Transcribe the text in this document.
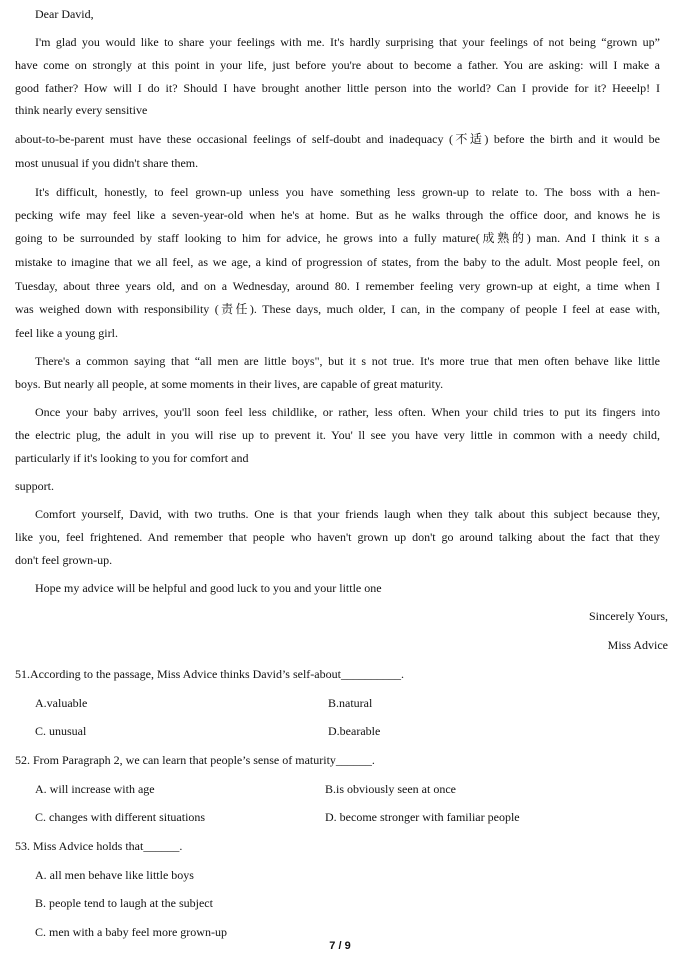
Dear David,
I'm glad you would like to share your feelings with me. It's hardly surprising that your feelings of not being “grown up”
have come on strongly at this point in your life, just before you're about to become a father. You are asking: will I make a
good father? How will I do it? Should I have brought another little person into the world? Can I provide for it? Heeelp! I
think nearly every sensitive
about-to-be-parent must have these occasional feelings of self-doubt and inadequacy (不适) before the birth and it would be
most unusual if you didn't share them.
It's difficult, honestly, to feel grown-up unless you have something less grown-up to relate to. The boss with a hen-
pecking wife may feel like a seven-year-old when he's at home. But as he walks through the office door, and knows he is
going to be surrounded by staff looking to him for advice, he grows into a fully mature(成熟的) man. And I think it s a
mistake to imagine that we all feel, as we age, a kind of progression of states, from the baby to the adult. Most people feel, on
Tuesday, about three years old, and on a Wednesday, around 80. I remember feeling very grown-up at eight, a time when I
was weighed down with responsibility (责任). These days, much older, I can, in the company of people I feel at ease with,
feel like a young girl.
There's a common saying that “all men are little boys", but it s not true. It's more true that men often behave like little
boys. But nearly all people, at some moments in their lives, are capable of great maturity.
Once your baby arrives, you'll soon feel less childlike, or rather, less often. When your child tries to put its fingers into
the electric plug, the adult in you will rise up to prevent it. You' ll see you have very little in common with a needy child,
particularly if it's looking to you for comfort and
support.
Comfort yourself, David, with two truths. One is that your friends laugh when they talk about this subject because they,
like you, feel frightened. And remember that people who haven't grown up don't go around talking about the fact that they
don't feel grown-up.
Hope my advice will be helpful and good luck to you and your little one
Sincerely Yours,
Miss Advice
51.According to the passage, Miss Advice thinks David’s self-about__________.
A.valuable	B.natural
C. unusual	D.bearable
52. From Paragraph 2, we can learn that people’s sense of maturity______.
A. will increase with age	B.is obviously seen at once
C. changes with different situations	D. become stronger with familiar people
53. Miss Advice holds that______.
A. all men behave like little boys
B. people tend to laugh at the subject
C. men with a baby feel more grown-up
7 / 9
